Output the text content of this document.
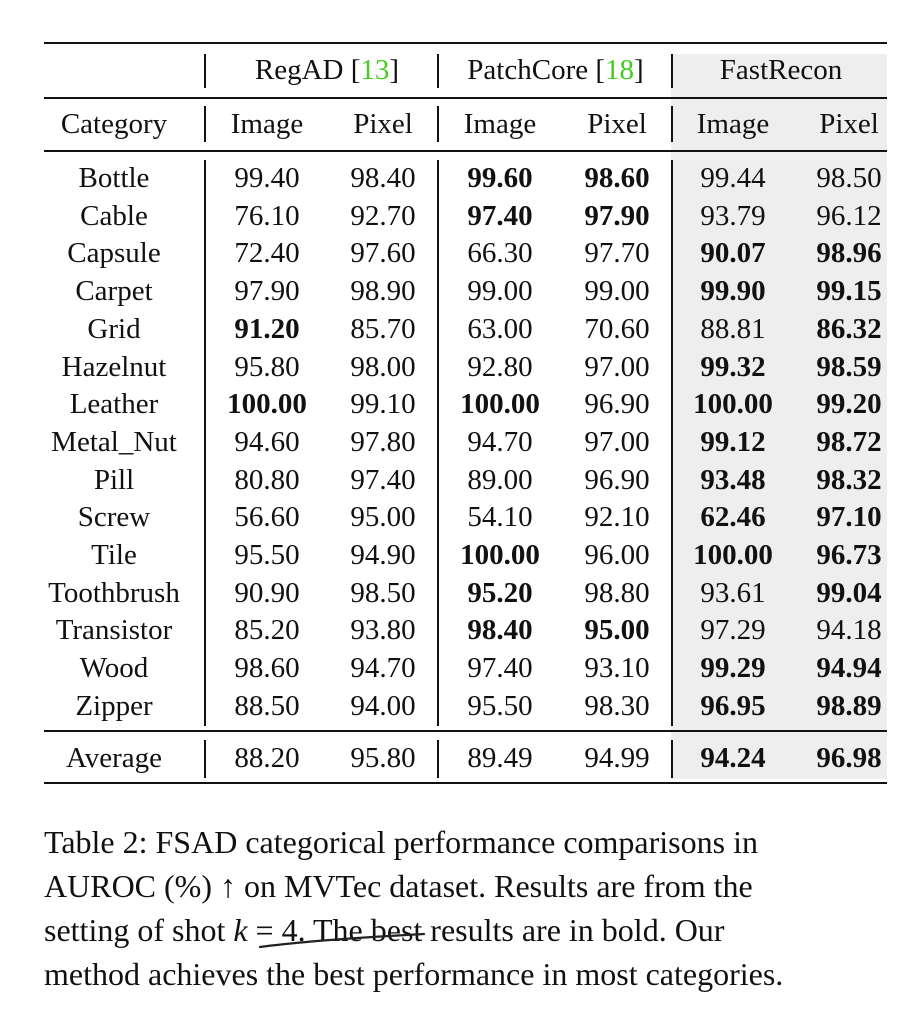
RegAD [13]	PatchCore [18]	FastRecon
Category	Image	Pixel	Image	Pixel	Image	Pixel
Bottle	99.40	98.40	99.60	98.60	99.44	98.50
Cable	76.10	92.70	97.40	97.90	93.79	96.12
Capsule	72.40	97.60	66.30	97.70	90.07	98.96
Carpet	97.90	98.90	99.00	99.00	99.90	99.15
Grid	91.20	85.70	63.00	70.60	88.81	86.32
Hazelnut	95.80	98.00	92.80	97.00	99.32	98.59
Leather	100.00	99.10	100.00	96.90	100.00	99.20
Metal_Nut	94.60	97.80	94.70	97.00	99.12	98.72
Pill	80.80	97.40	89.00	96.90	93.48	98.32
Screw	56.60	95.00	54.10	92.10	62.46	97.10
Tile	95.50	94.90	100.00	96.00	100.00	96.73
Toothbrush	90.90	98.50	95.20	98.80	93.61	99.04
Transistor	85.20	93.80	98.40	95.00	97.29	94.18
Wood	98.60	94.70	97.40	93.10	99.29	94.94
Zipper	88.50	94.00	95.50	98.30	96.95	98.89
Average	88.20	95.80	89.49	94.99	94.24	96.98
Table 2: FSAD categorical performance comparisons in
AUROC (%) ↑ on MVTec dataset. Results are from the
setting of shot k = 4. The best results are in bold. Our
method achieves the best performance in most categories.
